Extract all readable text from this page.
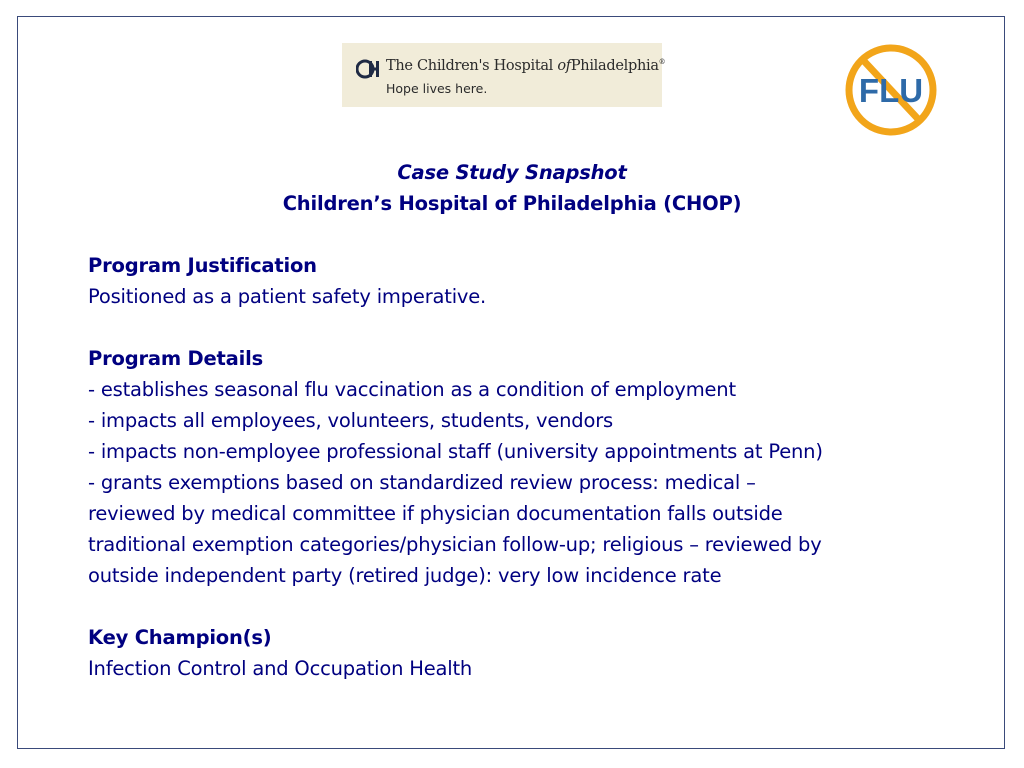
The Children's Hospital ofPhiladelphia®
Hope lives here.	FLU
Case Study Snapshot
Children’s Hospital of Philadelphia (CHOP)
Program Justification
Positioned as a patient safety imperative.
Program Details
- establishes seasonal flu vaccination as a condition of employment
- impacts all employees, volunteers, students, vendors
- impacts non-employee professional staff (university appointments at Penn)
- grants exemptions based on standardized review process: medical –
reviewed by medical committee if physician documentation falls outside
traditional exemption categories/physician follow-up; religious – reviewed by
outside independent party (retired judge): very low incidence rate
Key Champion(s)
Infection Control and Occupation Health
